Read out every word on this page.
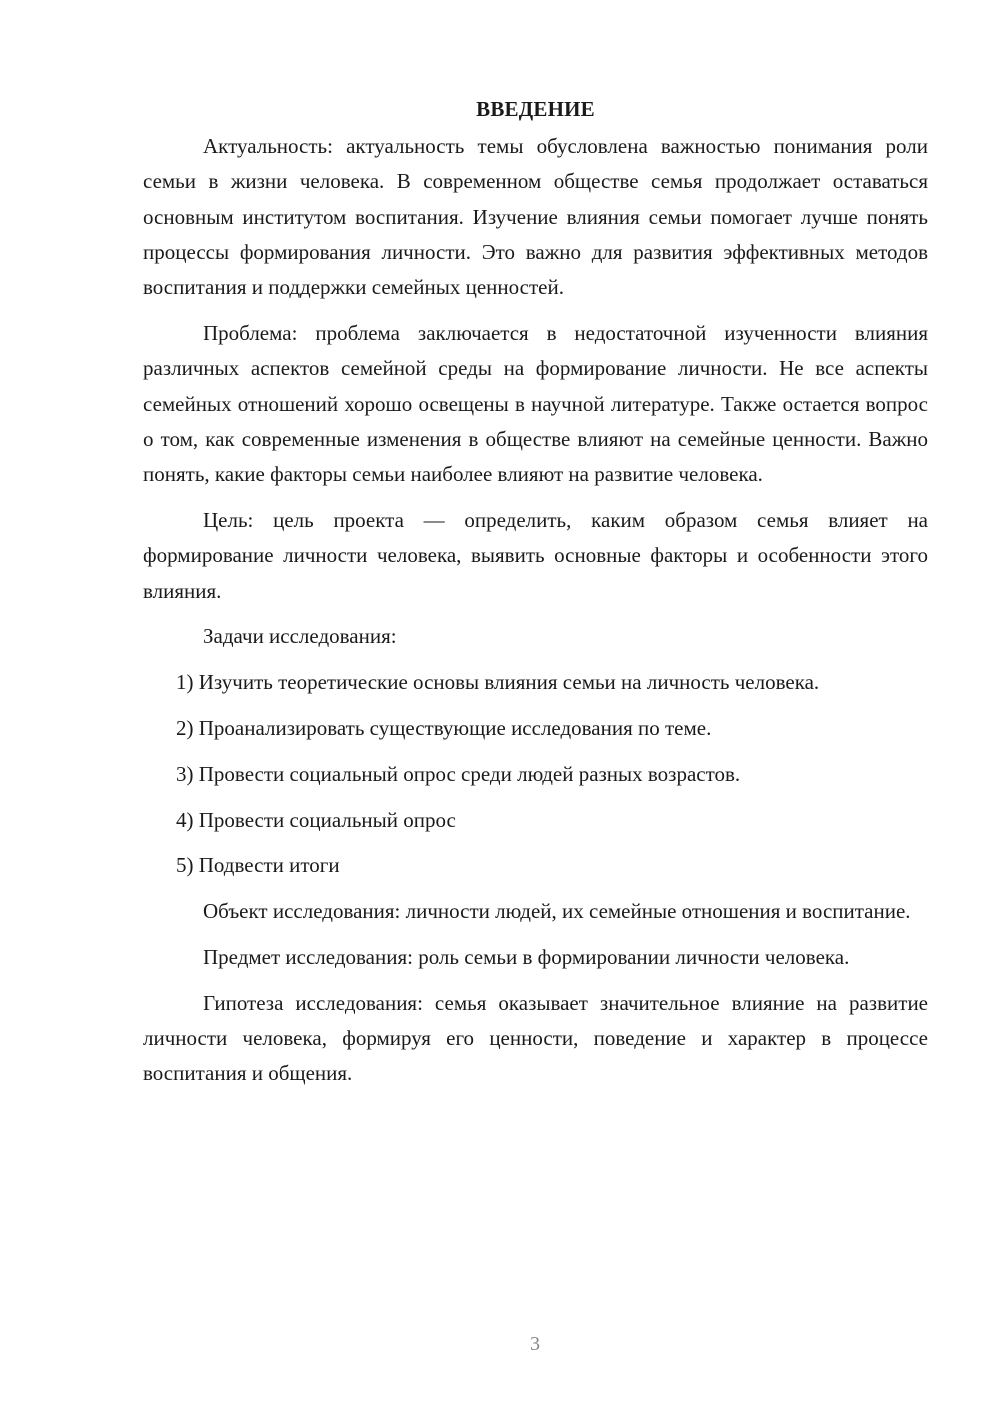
ВВЕДЕНИЕ

Актуальность: актуальность темы обусловлена важностью понимания роли семьи в жизни человека. В современном обществе семья продолжает оставаться основным институтом воспитания. Изучение влияния семьи помогает лучше понять процессы формирования личности. Это важно для развития эффективных методов воспитания и поддержки семейных ценностей.

Проблема: проблема заключается в недостаточной изученности влияния различных аспектов семейной среды на формирование личности. Не все аспекты семейных отношений хорошо освещены в научной литературе. Также остается вопрос о том, как современные изменения в обществе влияют на семейные ценности. Важно понять, какие факторы семьи наиболее влияют на развитие человека.

Цель: цель проекта — определить, каким образом семья влияет на формирование личности человека, выявить основные факторы и особенности этого влияния.

Задачи исследования:

1) Изучить теоретические основы влияния семьи на личность человека.

2) Проанализировать существующие исследования по теме.

3) Провести социальный опрос среди людей разных возрастов.

4) Провести социальный опрос

5) Подвести итоги

Объект исследования: личности людей, их семейные отношения и воспитание.

Предмет исследования: роль семьи в формировании личности человека.

Гипотеза исследования: семья оказывает значительное влияние на развитие личности человека, формируя его ценности, поведение и характер в процессе воспитания и общения.

3
